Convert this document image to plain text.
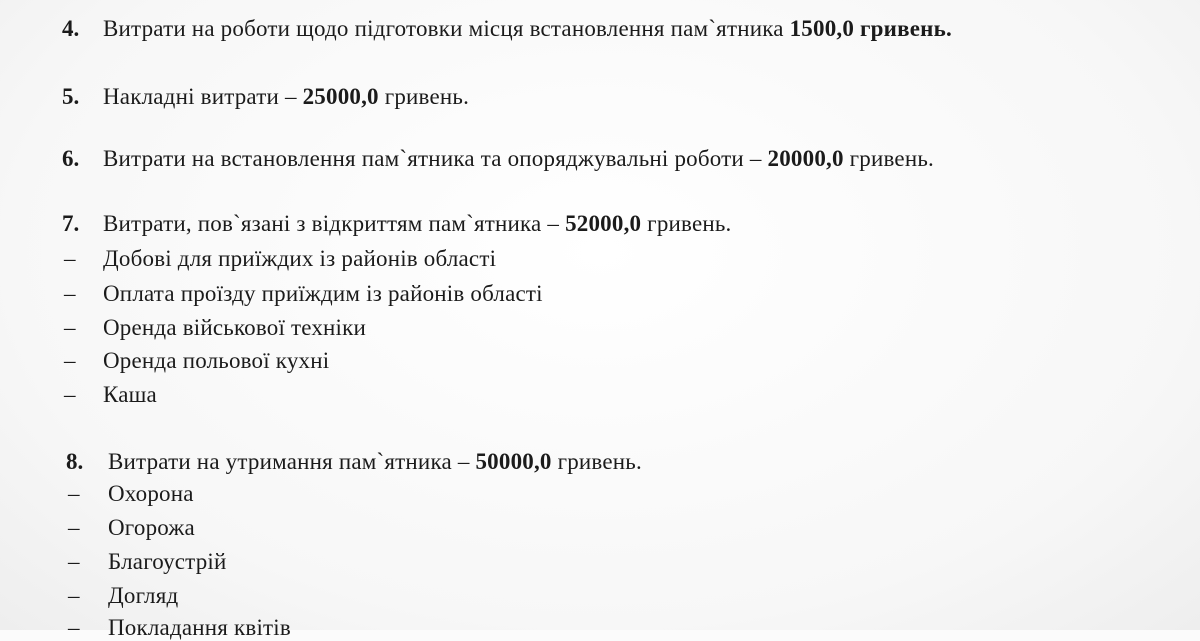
4. Витрати на роботи щодо підготовки місця встановлення пам`ятника 1500,0 гривень.
5. Накладні витрати – 25000,0 гривень.
6. Витрати на встановлення пам`ятника та опоряджувальні роботи – 20000,0 гривень.
7. Витрати, пов`язані з відкриттям пам`ятника – 52000,0 гривень.
– Добові для приїждих із районів області
– Оплата проїзду приїждим із районів області
– Оренда військової техніки
– Оренда польової кухні
– Каша
8. Витрати на утримання пам`ятника – 50000,0 гривень.
– Охорона
– Огорожа
– Благоустрій
– Догляд
– Покладання квітів
